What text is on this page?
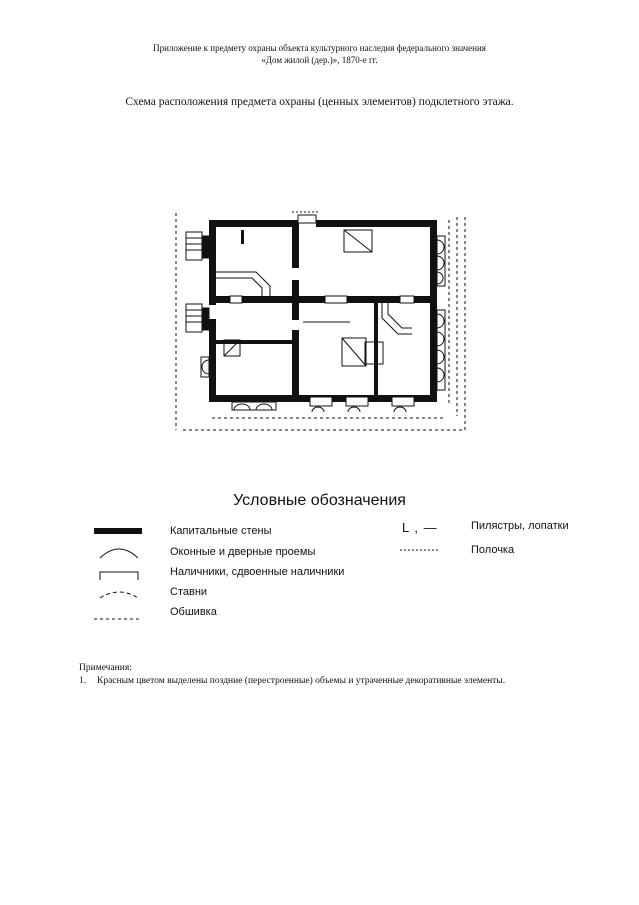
Приложение к предмету охраны объекта культурного наследия федерального значения
«Дом жилой (дер.)», 1870-е гг.
Схема расположения предмета охраны (ценных элементов) подклетного этажа.
Условные обозначения
Капитальные стены
Оконные и дверные проемы
Наличники, сдвоенные наличники
Ставни
Обшивка
L , —	Пилястры, лопатки
Полочка
Примечания:
1. Красным цветом выделены поздние (перестроенные) объемы и утраченные декоративные элементы.
